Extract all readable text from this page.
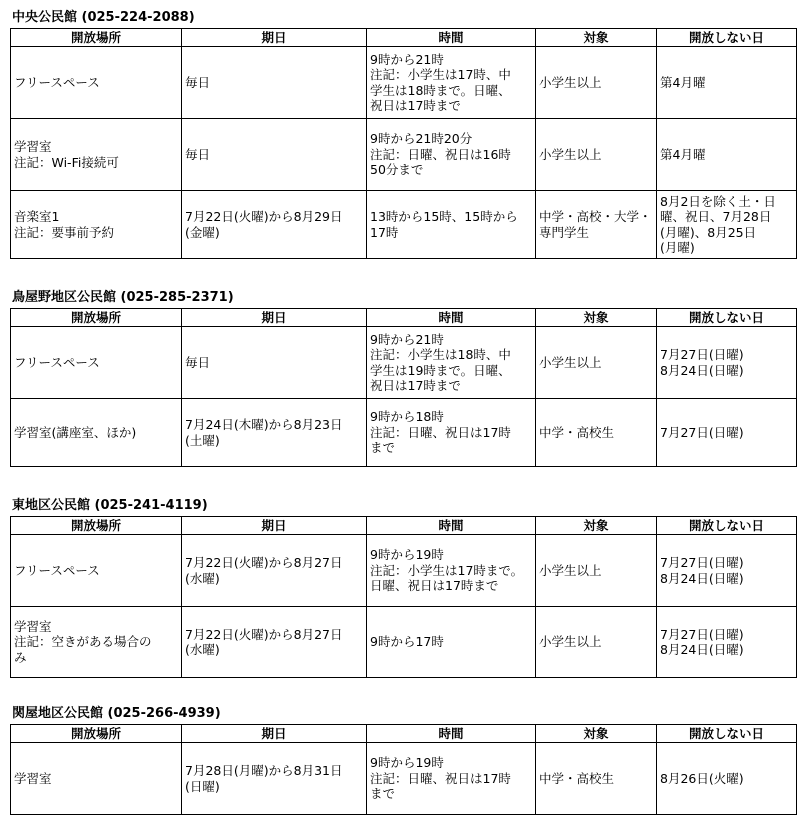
中央公民館 (025-224-2088)
開放場所	期日	時間	対象	開放しない日

フリースペース	毎日	9時から21時
注記：小学生は17時、中
学生は18時まで。日曜、
祝日は17時まで	小学生以上	第4月曜

学習室
注記：Wi-Fi接続可	毎日	9時から21時20分
注記：日曜、祝日は16時
50分まで	小学生以上	第4月曜

音楽室1
注記：要事前予約	7月22日(火曜)から8月29日
(金曜)	13時から15時、15時から
17時	中学・高校・大学・
専門学生	8月2日を除く土・日
曜、祝日、7月28日
(月曜)、8月25日
(月曜)
鳥屋野地区公民館 (025-285-2371)
開放場所	期日	時間	対象	開放しない日

フリースペース	毎日	9時から21時
注記：小学生は18時、中
学生は19時まで。日曜、
祝日は17時まで	小学生以上	7月27日(日曜)
8月24日(日曜)

学習室(講座室、ほか)	7月24日(木曜)から8月23日
(土曜)	9時から18時
注記：日曜、祝日は17時
まで	中学・高校生	7月27日(日曜)
東地区公民館 (025-241-4119)
開放場所	期日	時間	対象	開放しない日

フリースペース	7月22日(火曜)から8月27日
(水曜)	9時から19時
注記：小学生は17時まで。
日曜、祝日は17時まで	小学生以上	7月27日(日曜)
8月24日(日曜)

学習室
注記：空きがある場合の
み	7月22日(火曜)から8月27日
(水曜)	9時から17時	小学生以上	7月27日(日曜)
8月24日(日曜)
関屋地区公民館 (025-266-4939)
開放場所	期日	時間	対象	開放しない日

学習室	7月28日(月曜)から8月31日
(日曜)	9時から19時
注記：日曜、祝日は17時
まで	中学・高校生	8月26日(火曜)
